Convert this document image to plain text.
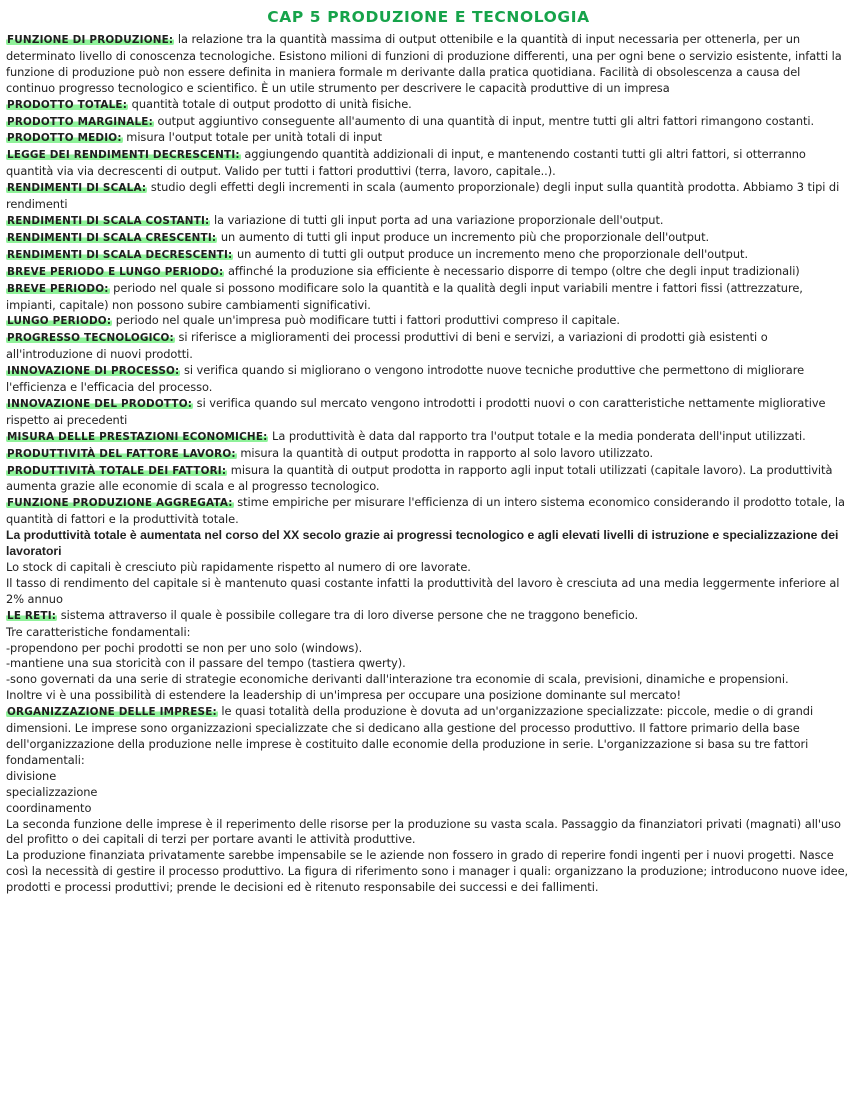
CAP 5 PRODUZIONE E TECNOLOGIA
FUNZIONE DI PRODUZIONE: la relazione tra la quantità massima di output ottenibile e la quantità di input necessaria per ottenerla, per un determinato livello di conoscenza tecnologiche. Esistono milioni di funzioni di produzione differenti, una per ogni bene o servizio esistente, infatti la funzione di produzione può non essere definita in maniera formale m derivante dalla pratica quotidiana. Facilità di obsolescenza a causa del continuo progresso tecnologico e scientifico. È un utile strumento per descrivere le capacità produttive di un impresa
PRODOTTO TOTALE: quantità totale di output prodotto di unità fisiche.
PRODOTTO MARGINALE: output aggiuntivo conseguente all'aumento di una quantità di input, mentre tutti gli altri fattori rimangono costanti.
PRODOTTO MEDIO: misura l'output totale per unità totali di input
LEGGE DEI RENDIMENTI DECRESCENTI: aggiungendo quantità addizionali di input, e mantenendo costanti tutti gli altri fattori, si otterranno quantità via via decrescenti di output. Valido per tutti i fattori produttivi (terra, lavoro, capitale..).
RENDIMENTI DI SCALA: studio degli effetti degli incrementi in scala (aumento proporzionale) degli input sulla quantità prodotta. Abbiamo 3 tipi di rendimenti
RENDIMENTI DI SCALA COSTANTI: la variazione di tutti gli input porta ad una variazione proporzionale dell'output.
RENDIMENTI DI SCALA CRESCENTI: un aumento di tutti gli input produce un incremento più che proporzionale dell'output.
RENDIMENTI DI SCALA DECRESCENTI: un aumento di tutti gli output produce un incremento meno che proporzionale dell'output.
BREVE PERIODO E LUNGO PERIODO: affinché la produzione sia efficiente è necessario disporre di tempo (oltre che degli input tradizionali)
BREVE PERIODO: periodo nel quale si possono modificare solo la quantità e la qualità degli input variabili mentre i fattori fissi (attrezzature, impianti, capitale) non possono subire cambiamenti significativi.
LUNGO PERIODO: periodo nel quale un'impresa può modificare tutti i fattori produttivi compreso il capitale.
PROGRESSO TECNOLOGICO: si riferisce a miglioramenti dei processi produttivi di beni e servizi, a variazioni di prodotti già esistenti o all'introduzione di nuovi prodotti.
INNOVAZIONE DI PROCESSO: si verifica quando si migliorano o vengono introdotte nuove tecniche produttive che permettono di migliorare l'efficienza e l'efficacia del processo.
INNOVAZIONE DEL PRODOTTO: si verifica quando sul mercato vengono introdotti i prodotti nuovi o con caratteristiche nettamente migliorative rispetto ai precedenti
MISURA DELLE PRESTAZIONI ECONOMICHE: La produttività è data dal rapporto tra l'output totale e la media ponderata dell'input utilizzati.
PRODUTTIVITÀ DEL FATTORE LAVORO: misura la quantità di output prodotta in rapporto al solo lavoro utilizzato.
PRODUTTIVITÀ TOTALE DEI FATTORI: misura la quantità di output prodotta in rapporto agli input totali utilizzati (capitale lavoro). La produttività aumenta grazie alle economie di scala e al progresso tecnologico.
FUNZIONE PRODUZIONE AGGREGATA: stime empiriche per misurare l'efficienza di un intero sistema economico considerando il prodotto totale, la quantità di fattori e la produttività totale.
La produttività totale è aumentata nel corso del XX secolo grazie ai progressi tecnologico e agli elevati livelli di istruzione e specializzazione dei lavoratori
Lo stock di capitali è cresciuto più rapidamente rispetto al numero di ore lavorate.
Il tasso di rendimento del capitale si è mantenuto quasi costante infatti la produttività del lavoro è cresciuta ad una media leggermente inferiore al 2% annuo
LE RETI: sistema attraverso il quale è possibile collegare tra di loro diverse persone che ne traggono beneficio.
Tre caratteristiche fondamentali:
-propendono per pochi prodotti se non per uno solo (windows).
-mantiene una sua storicità con il passare del tempo (tastiera qwerty).
-sono governati da una serie di strategie economiche derivanti dall'interazione tra economie di scala, previsioni, dinamiche e propensioni.
Inoltre vi è una possibilità di estendere la leadership di un'impresa per occupare una posizione dominante sul mercato!
ORGANIZZAZIONE DELLE IMPRESE: le quasi totalità della produzione è dovuta ad un'organizzazione specializzate: piccole, medie o di grandi dimensioni. Le imprese sono organizzazioni specializzate che si dedicano alla gestione del processo produttivo. Il fattore primario della base dell'organizzazione della produzione nelle imprese è costituito dalle economie della produzione in serie. L'organizzazione si basa su tre fattori fondamentali:
divisione
specializzazione
coordinamento
La seconda funzione delle imprese è il reperimento delle risorse per la produzione su vasta scala. Passaggio da finanziatori privati (magnati) all'uso del profitto o dei capitali di terzi per portare avanti le attività produttive.
La produzione finanziata privatamente sarebbe impensabile se le aziende non fossero in grado di reperire fondi ingenti per i nuovi progetti. Nasce così la necessità di gestire il processo produttivo. La figura di riferimento sono i manager i quali: organizzano la produzione; introducono nuove idee, prodotti e processi produttivi; prende le decisioni ed è ritenuto responsabile dei successi e dei fallimenti.
